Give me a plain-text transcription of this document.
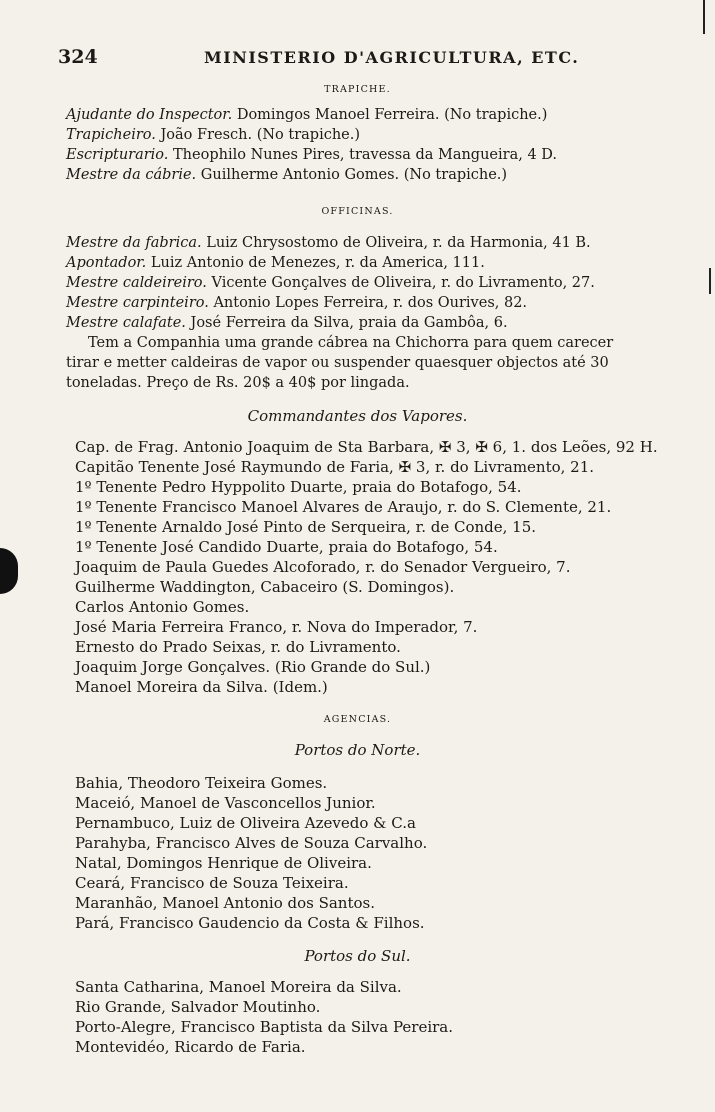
324	MINISTERIO D'AGRICULTURA, ETC.
TRAPICHE.
Ajudante do Inspector. Domingos Manoel Ferreira. (No trapiche.)
Trapicheiro. João Fresch. (No trapiche.)
Escripturario. Theophilo Nunes Pires, travessa da Mangueira, 4 D.
Mestre da cábrie. Guilherme Antonio Gomes. (No trapiche.)
OFFICINAS.
Mestre da fabrica. Luiz Chrysostomo de Oliveira, r. da Harmonia, 41 B.
Apontador. Luiz Antonio de Menezes, r. da America, 111.
Mestre caldeireiro. Vicente Gonçalves de Oliveira, r. do Livramento, 27.
Mestre carpinteiro. Antonio Lopes Ferreira, r. dos Ourives, 82.
Mestre calafate. José Ferreira da Silva, praia da Gambôa, 6.
Tem a Companhia uma grande cábrea na Chichorra para quem carecer
tirar e metter caldeiras de vapor ou suspender quaesquer objectos até 30
toneladas. Preço de Rs. 20$ a 40$ por lingada.
Commandantes dos Vapores.
Cap. de Frag. Antonio Joaquim de Sta Barbara, ✠ 3, ✠ 6, 1. dos Leões, 92 H.
Capitão Tenente José Raymundo de Faria, ✠ 3, r. do Livramento, 21.
1º Tenente Pedro Hyppolito Duarte, praia do Botafogo, 54.
1º Tenente Francisco Manoel Alvares de Araujo, r. do S. Clemente, 21.
1º Tenente Arnaldo José Pinto de Serqueira, r. de Conde, 15.
1º Tenente José Candido Duarte, praia do Botafogo, 54.
Joaquim de Paula Guedes Alcoforado, r. do Senador Vergueiro, 7.
Guilherme Waddington, Cabaceiro (S. Domingos).
Carlos Antonio Gomes.
José Maria Ferreira Franco, r. Nova do Imperador, 7.
Ernesto do Prado Seixas, r. do Livramento.
Joaquim Jorge Gonçalves. (Rio Grande do Sul.)
Manoel Moreira da Silva. (Idem.)
AGENCIAS.
Portos do Norte.
Bahia, Theodoro Teixeira Gomes.
Maceió, Manoel de Vasconcellos Junior.
Pernambuco, Luiz de Oliveira Azevedo & C.a
Parahyba, Francisco Alves de Souza Carvalho.
Natal, Domingos Henrique de Oliveira.
Ceará, Francisco de Souza Teixeira.
Maranhão, Manoel Antonio dos Santos.
Pará, Francisco Gaudencio da Costa & Filhos.
Portos do Sul.
Santa Catharina, Manoel Moreira da Silva.
Rio Grande, Salvador Moutinho.
Porto-Alegre, Francisco Baptista da Silva Pereira.
Montevidéo, Ricardo de Faria.
